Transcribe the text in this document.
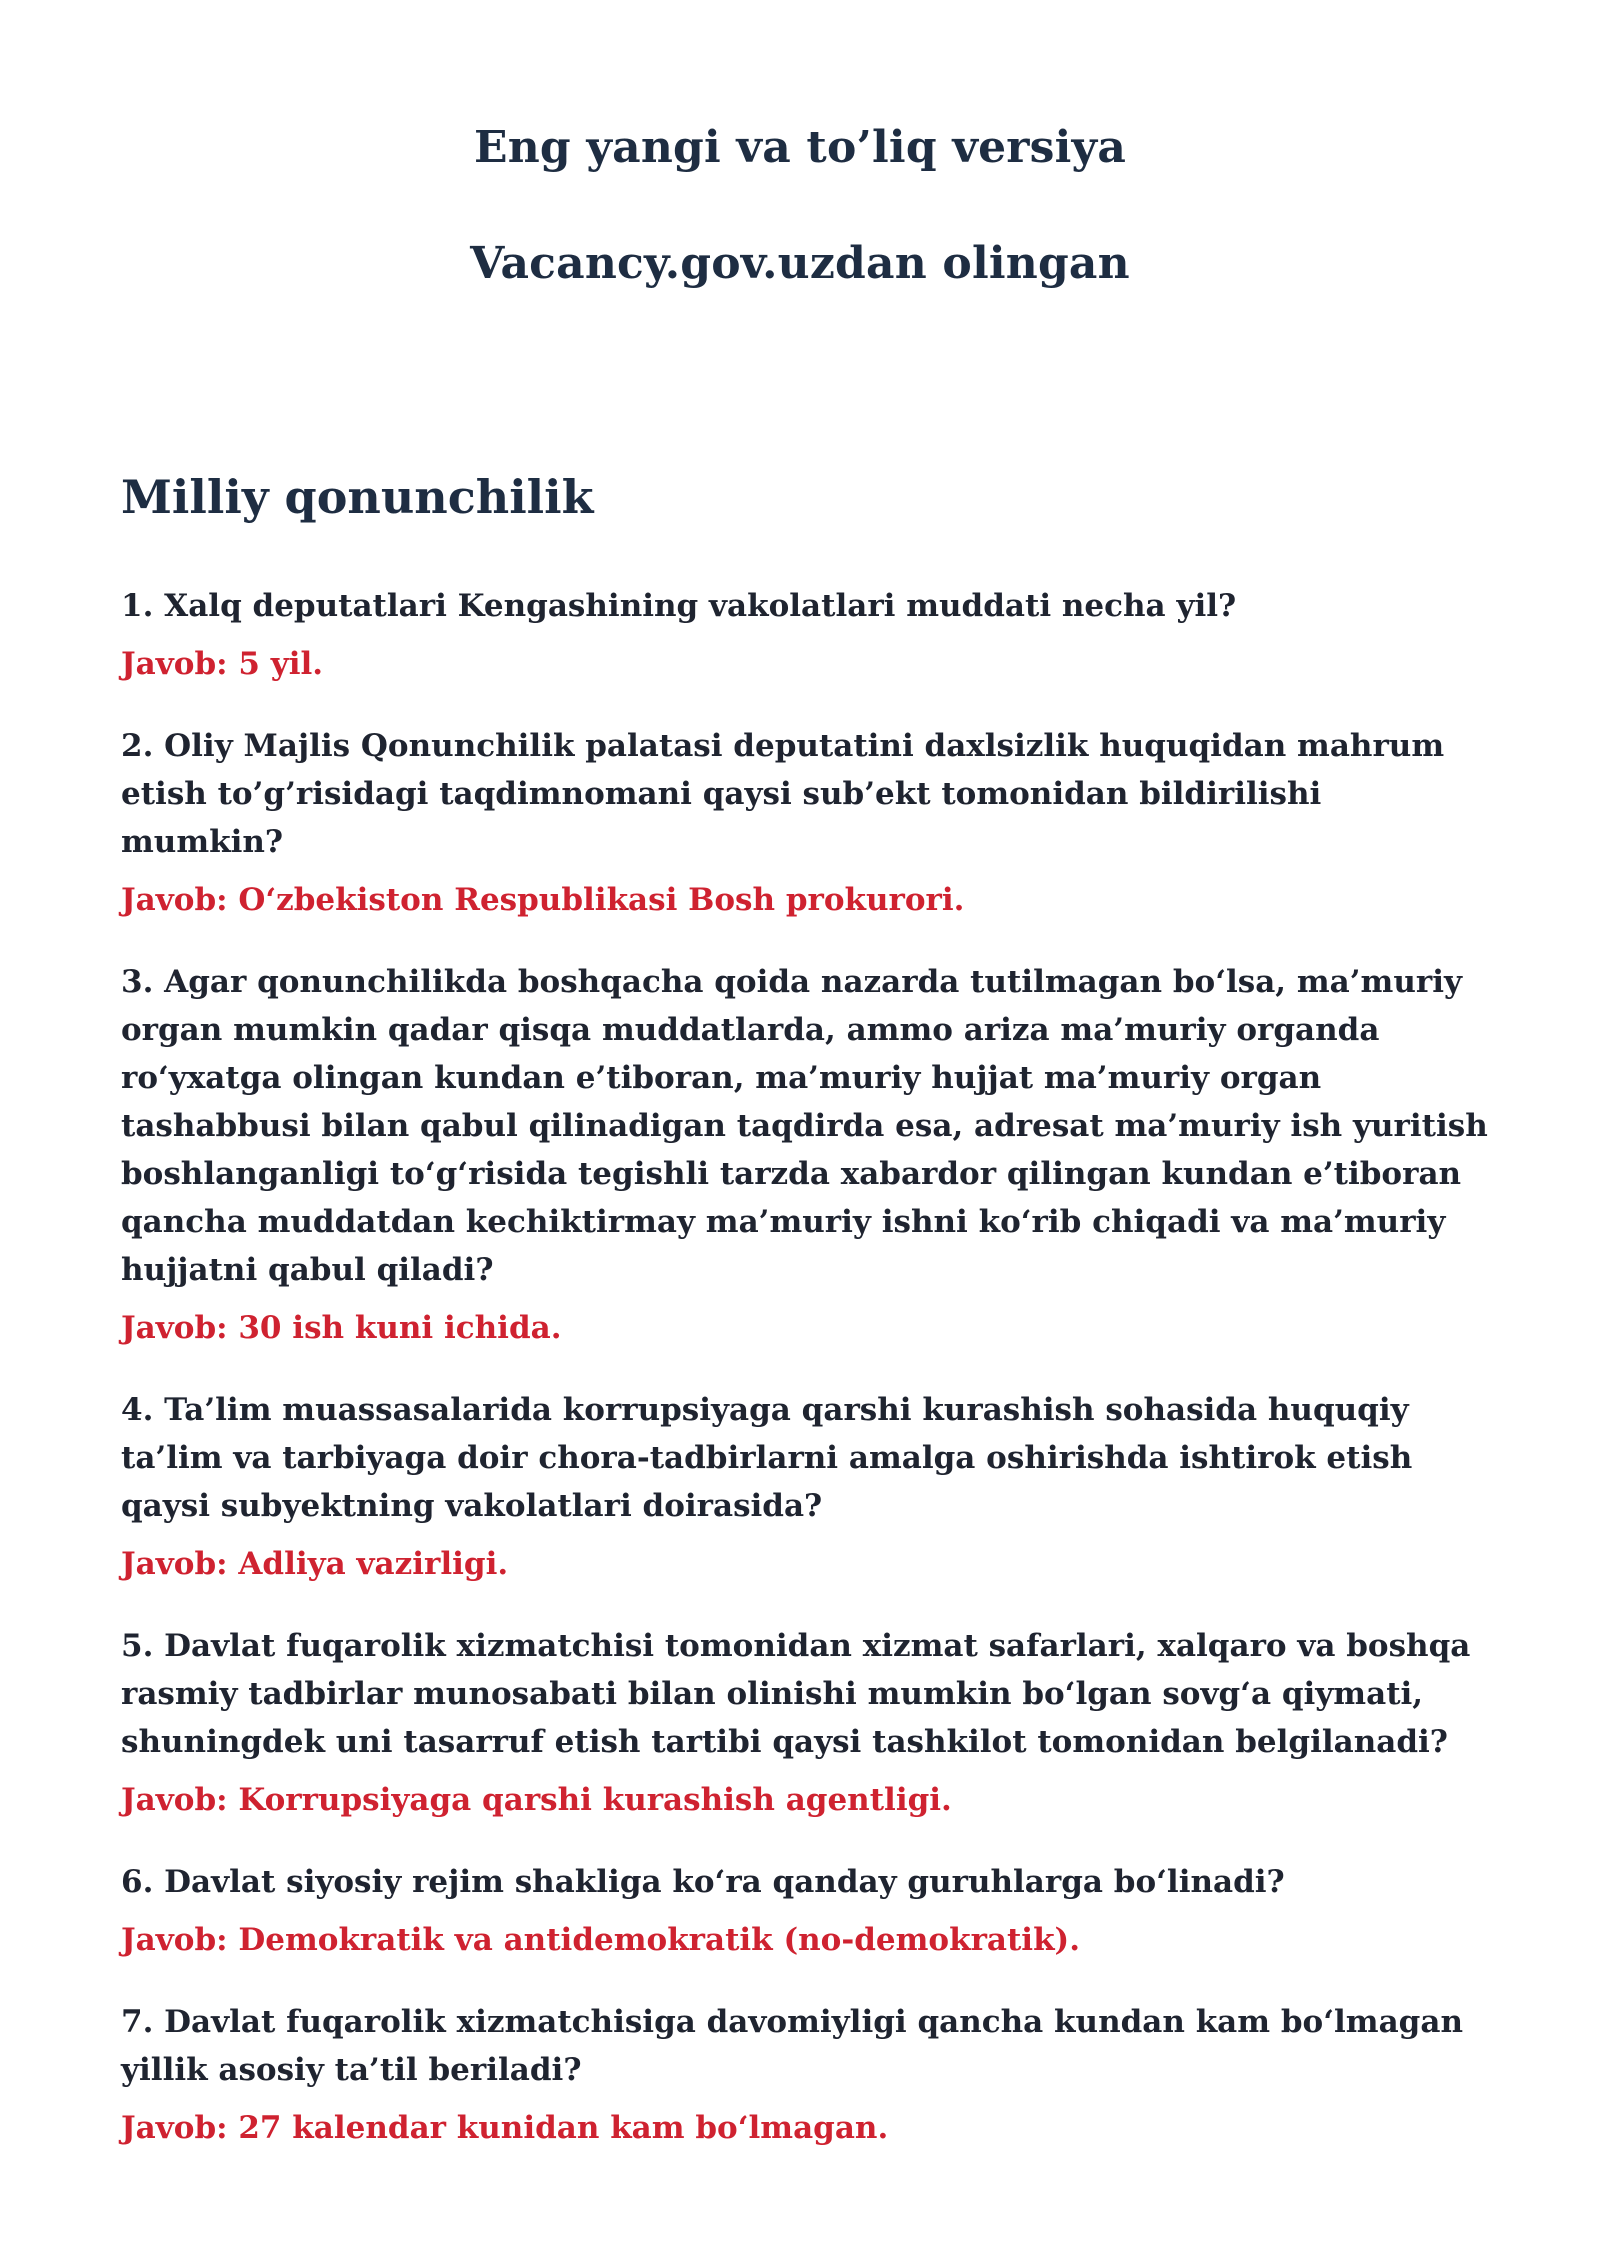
Eng yangi va to’liq versiya
Vacancy.gov.uzdan olingan
Milliy qonunchilik

1. Xalq deputatlari Kengashining vakolatlari muddati necha yil?

Javob: 5 yil.

2. Oliy Majlis Qonunchilik palatasi deputatini daxlsizlik huquqidan mahrum etish to’g’risidagi taqdimnomani qaysi sub’ekt tomonidan bildirilishi mumkin?

Javob: O‘zbekiston Respublikasi Bosh prokurori.

3. Agar qonunchilikda boshqacha qoida nazarda tutilmagan bo‘lsa, ma’muriy organ mumkin qadar qisqa muddatlarda, ammo ariza ma’muriy organda ro‘yxatga olingan kundan e’tiboran, ma’muriy hujjat ma’muriy organ tashabbusi bilan qabul qilinadigan taqdirda esa, adresat ma’muriy ish yuritish boshlanganligi to‘g‘risida tegishli tarzda xabardor qilingan kundan e’tiboran qancha muddatdan kechiktirmay ma’muriy ishni ko‘rib chiqadi va ma’muriy hujjatni qabul qiladi?

Javob: 30 ish kuni ichida.

4. Ta’lim muassasalarida korrupsiyaga qarshi kurashish sohasida huquqiy ta’lim va tarbiyaga doir chora-tadbirlarni amalga oshirishda ishtirok etish qaysi subyektning vakolatlari doirasida?

Javob: Adliya vazirligi.

5. Davlat fuqarolik xizmatchisi tomonidan xizmat safarlari, xalqaro va boshqa rasmiy tadbirlar munosabati bilan olinishi mumkin bo‘lgan sovg‘a qiymati, shuningdek uni tasarruf etish tartibi qaysi tashkilot tomonidan belgilanadi?

Javob: Korrupsiyaga qarshi kurashish agentligi.

6. Davlat siyosiy rejim shakliga ko‘ra qanday guruhlarga bo‘linadi?

Javob: Demokratik va antidemokratik (no-demokratik).

7. Davlat fuqarolik xizmatchisiga davomiyligi qancha kundan kam bo‘lmagan yillik asosiy ta’til beriladi?

Javob: 27 kalendar kunidan kam bo‘lmagan.
